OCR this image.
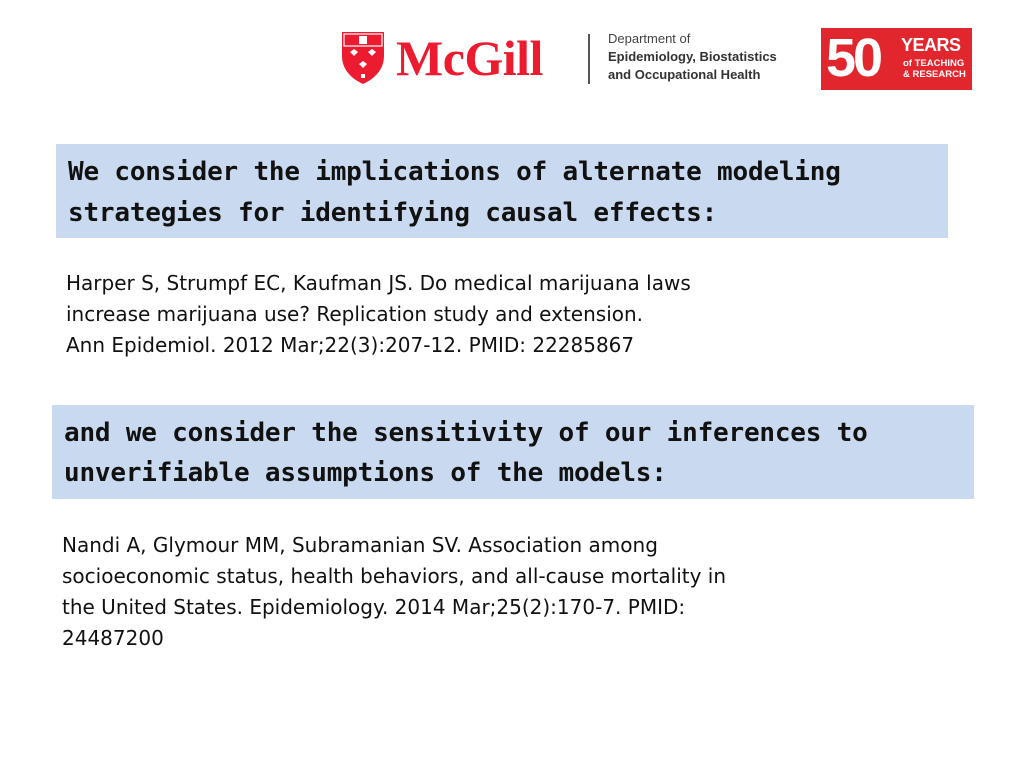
McGill	Department of
Epidemiology, Biostatistics
and Occupational Health	50 YEARS
of TEACHING
& RESEARCH
We consider the implications of alternate modeling
strategies for identifying causal effects:
Harper S, Strumpf EC, Kaufman JS. Do medical marijuana laws
increase marijuana use? Replication study and extension.
Ann Epidemiol. 2012 Mar;22(3):207-12. PMID: 22285867
and we consider the sensitivity of our inferences to
unverifiable assumptions of the models:
Nandi A, Glymour MM, Subramanian SV. Association among
socioeconomic status, health behaviors, and all-cause mortality in
the United States. Epidemiology. 2014 Mar;25(2):170-7. PMID:
24487200
